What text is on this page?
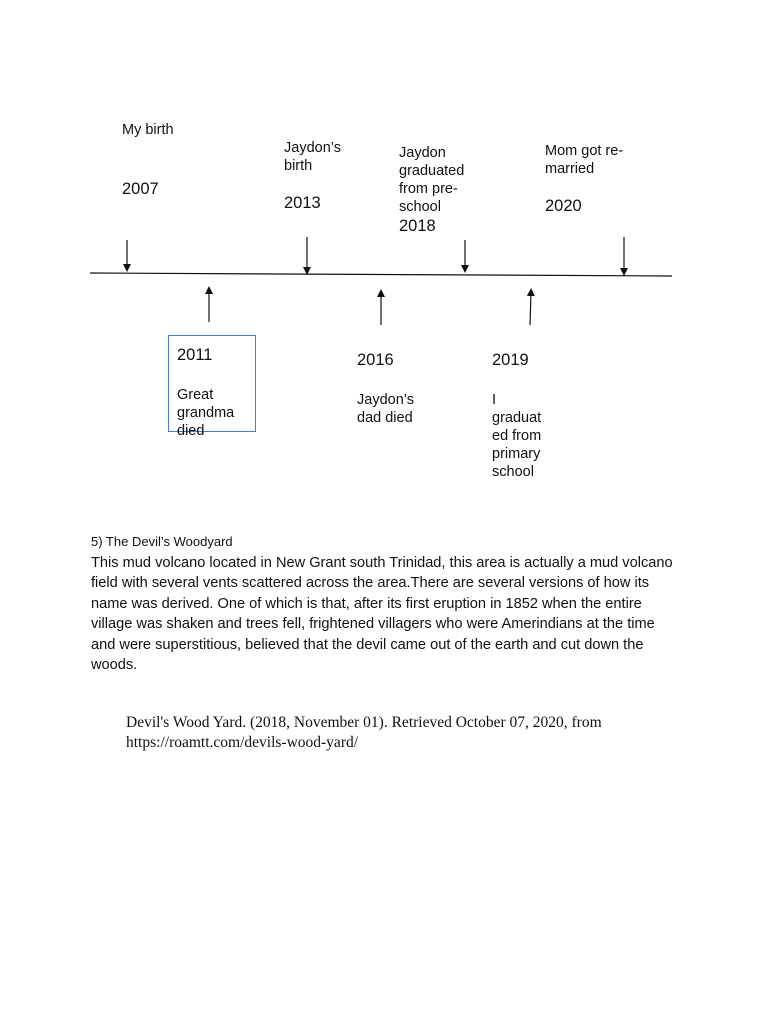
My birth
2007
Jaydon’s
birth
2013
Jaydon
graduated
from pre-
school
2018
Mom got re-
married
2020
2011
Great
grandma
died
2016
Jaydon’s
dad died
2019
I
graduat
ed from
primary
school
5) The Devil’s Woodyard
This mud volcano located in New Grant south Trinidad, this area is actually a mud volcano field with several vents scattered across the area.There are several versions of how its name was derived. One of which is that, after its first eruption in 1852 when the entire village was shaken and trees fell, frightened villagers who were Amerindians at the time and were superstitious, believed that the devil came out of the earth and cut down the woods.
Devil's Wood Yard. (2018, November 01). Retrieved October 07, 2020, from https://roamtt.com/devils-wood-yard/
